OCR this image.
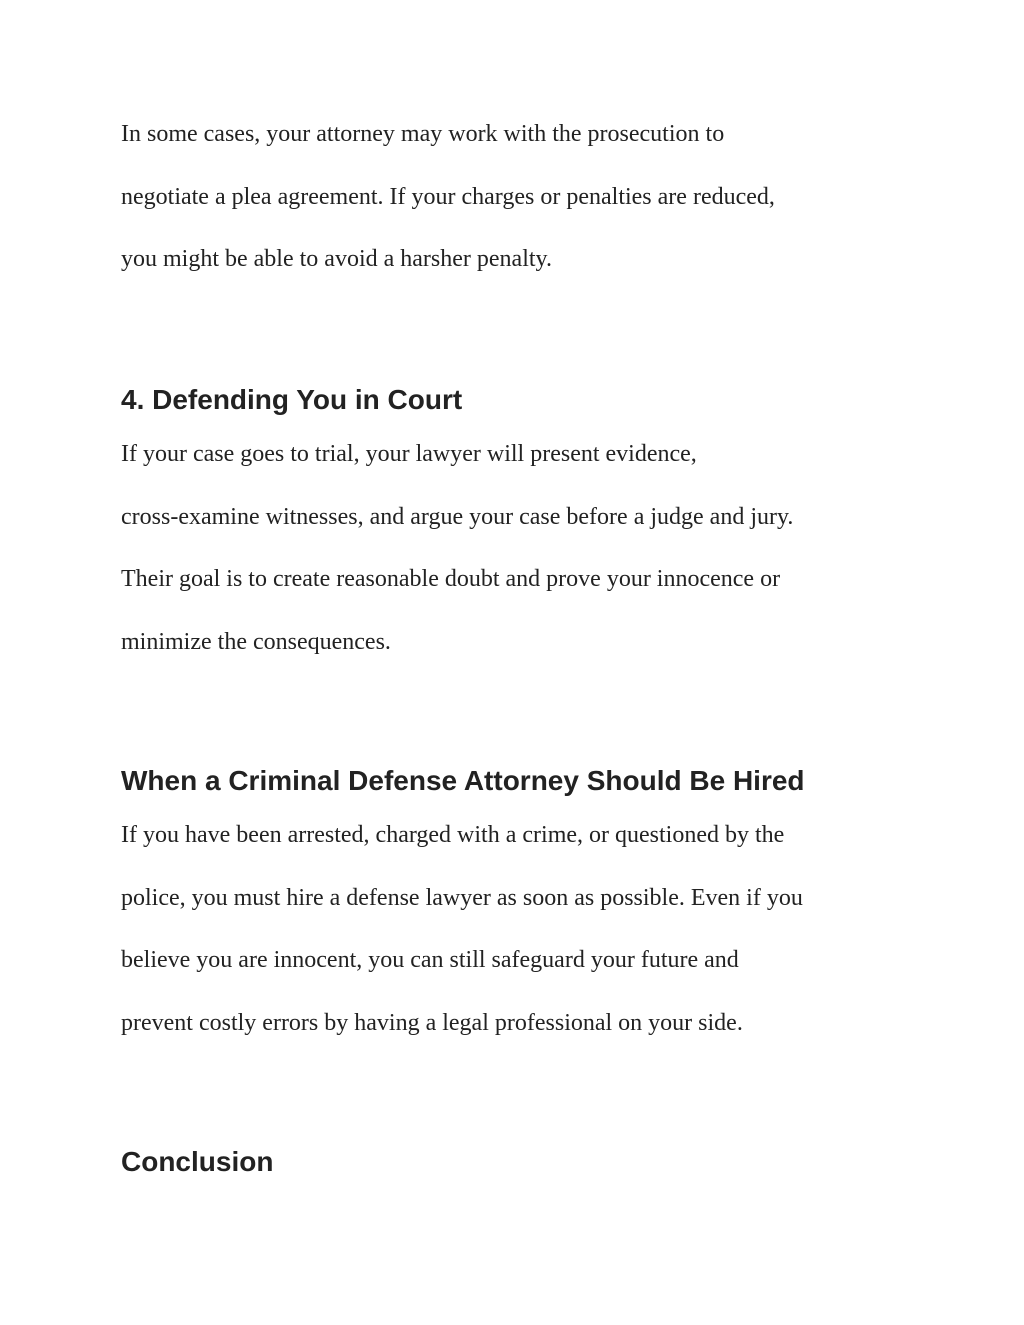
In some cases, your attorney may work with the prosecution to
negotiate a plea agreement. If your charges or penalties are reduced,
you might be able to avoid a harsher penalty.

4. Defending You in Court

If your case goes to trial, your lawyer will present evidence,
cross-examine witnesses, and argue your case before a judge and jury.
Their goal is to create reasonable doubt and prove your innocence or
minimize the consequences.

When a Criminal Defense Attorney Should Be Hired

If you have been arrested, charged with a crime, or questioned by the
police, you must hire a defense lawyer as soon as possible. Even if you
believe you are innocent, you can still safeguard your future and
prevent costly errors by having a legal professional on your side.

Conclusion
